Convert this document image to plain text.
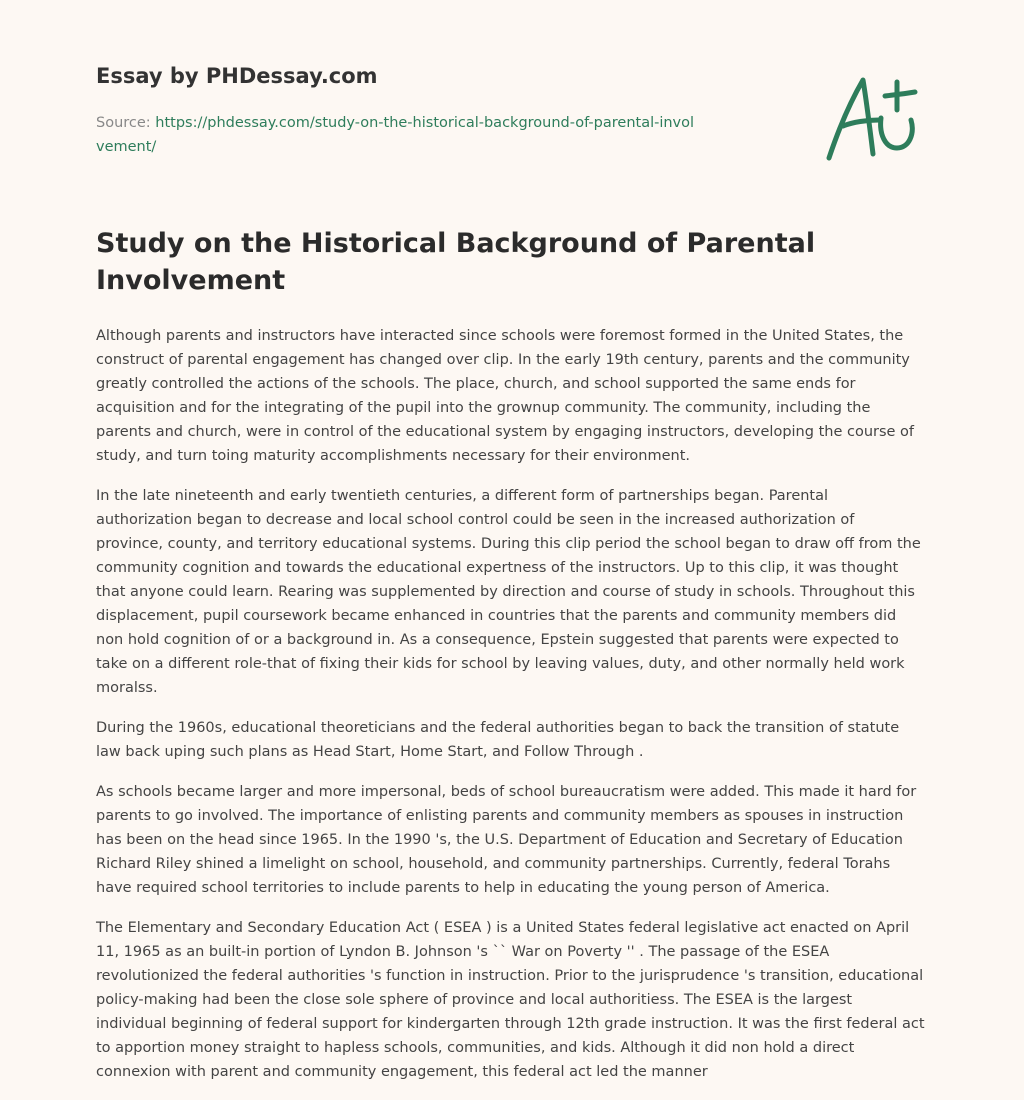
Essay by PHDessay.com
Source: https://phdessay.com/study-on-the-historical-background-of-parental-involvement/
Study on the Historical Background of Parental Involvement

Although parents and instructors have interacted since schools were foremost formed in the United States, the construct of parental engagement has changed over clip. In the early 19th century, parents and the community greatly controlled the actions of the schools. The place, church, and school supported the same ends for acquisition and for the integrating of the pupil into the grownup community. The community, including the parents and church, were in control of the educational system by engaging instructors, developing the course of study, and turn toing maturity accomplishments necessary for their environment.

In the late nineteenth and early twentieth centuries, a different form of partnerships began. Parental authorization began to decrease and local school control could be seen in the increased authorization of province, county, and territory educational systems. During this clip period the school began to draw off from the community cognition and towards the educational expertness of the instructors. Up to this clip, it was thought that anyone could learn. Rearing was supplemented by direction and course of study in schools. Throughout this displacement, pupil coursework became enhanced in countries that the parents and community members did non hold cognition of or a background in. As a consequence, Epstein suggested that parents were expected to take on a different role-that of fixing their kids for school by leaving values, duty, and other normally held work moralss.

During the 1960s, educational theoreticians and the federal authorities began to back the transition of statute law back uping such plans as Head Start, Home Start, and Follow Through .

As schools became larger and more impersonal, beds of school bureaucratism were added. This made it hard for parents to go involved. The importance of enlisting parents and community members as spouses in instruction has been on the head since 1965. In the 1990 's, the U.S. Department of Education and Secretary of Education Richard Riley shined a limelight on school, household, and community partnerships. Currently, federal Torahs have required school territories to include parents to help in educating the young person of America.

The Elementary and Secondary Education Act ( ESEA ) is a United States federal legislative act enacted on April 11, 1965 as an built-in portion of Lyndon B. Johnson 's `` War on Poverty '' . The passage of the ESEA revolutionized the federal authorities 's function in instruction. Prior to the jurisprudence 's transition, educational policy-making had been the close sole sphere of province and local authoritiess. The ESEA is the largest individual beginning of federal support for kindergarten through 12th grade instruction. It was the first federal act to apportion money straight to hapless schools, communities, and kids. Although it did non hold a direct connexion with parent and community engagement, this federal act led the manner
